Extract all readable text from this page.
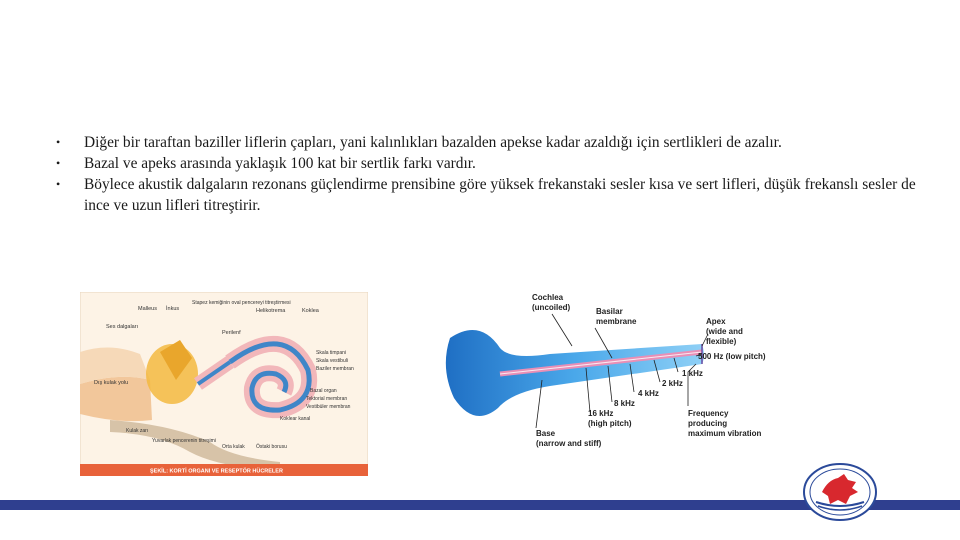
• Diğer bir taraftan baziller liflerin çapları, yani kalınlıkları bazalden apekse kadar azaldığı için sertlikleri de azalır.
• Bazal ve apeks arasında yaklaşık 100 kat bir sertlik farkı vardır.
• Böylece akustik dalgaların rezonans güçlendirme prensibine göre yüksek frekanstaki sesler kısa ve sert lifleri, düşük frekanslı sesler de ince ve uzun lifleri titreştirir.
Malleus İnkus
Stapez kemiğinin oval pencereyi titreştirmesi
Helikotrema	Koklea
Ses dalgaları
Perilenf
Dış kulak yolu
Skala timpani
Skala vestibuli
Baziler membran
Bazal organ
Tektorial membran
Vestibüler membran
Koklear kanal
Kulak zarı
Yuvarlak pencerenin titreşimi
Orta kulak Östaki borusu
ŞEKİL: KORTİ ORGANI VE RESEPTÖR HÜCRELER
Cochlea
(uncoiled)	Basilar
membrane	Apex
(wide and
flexible)
500 Hz (low pitch)
1 kHz
2 kHz
4 kHz
8 kHz
16 kHz
(high pitch)
Frequency
producing
maximum vibration
Base
(narrow and stiff)
